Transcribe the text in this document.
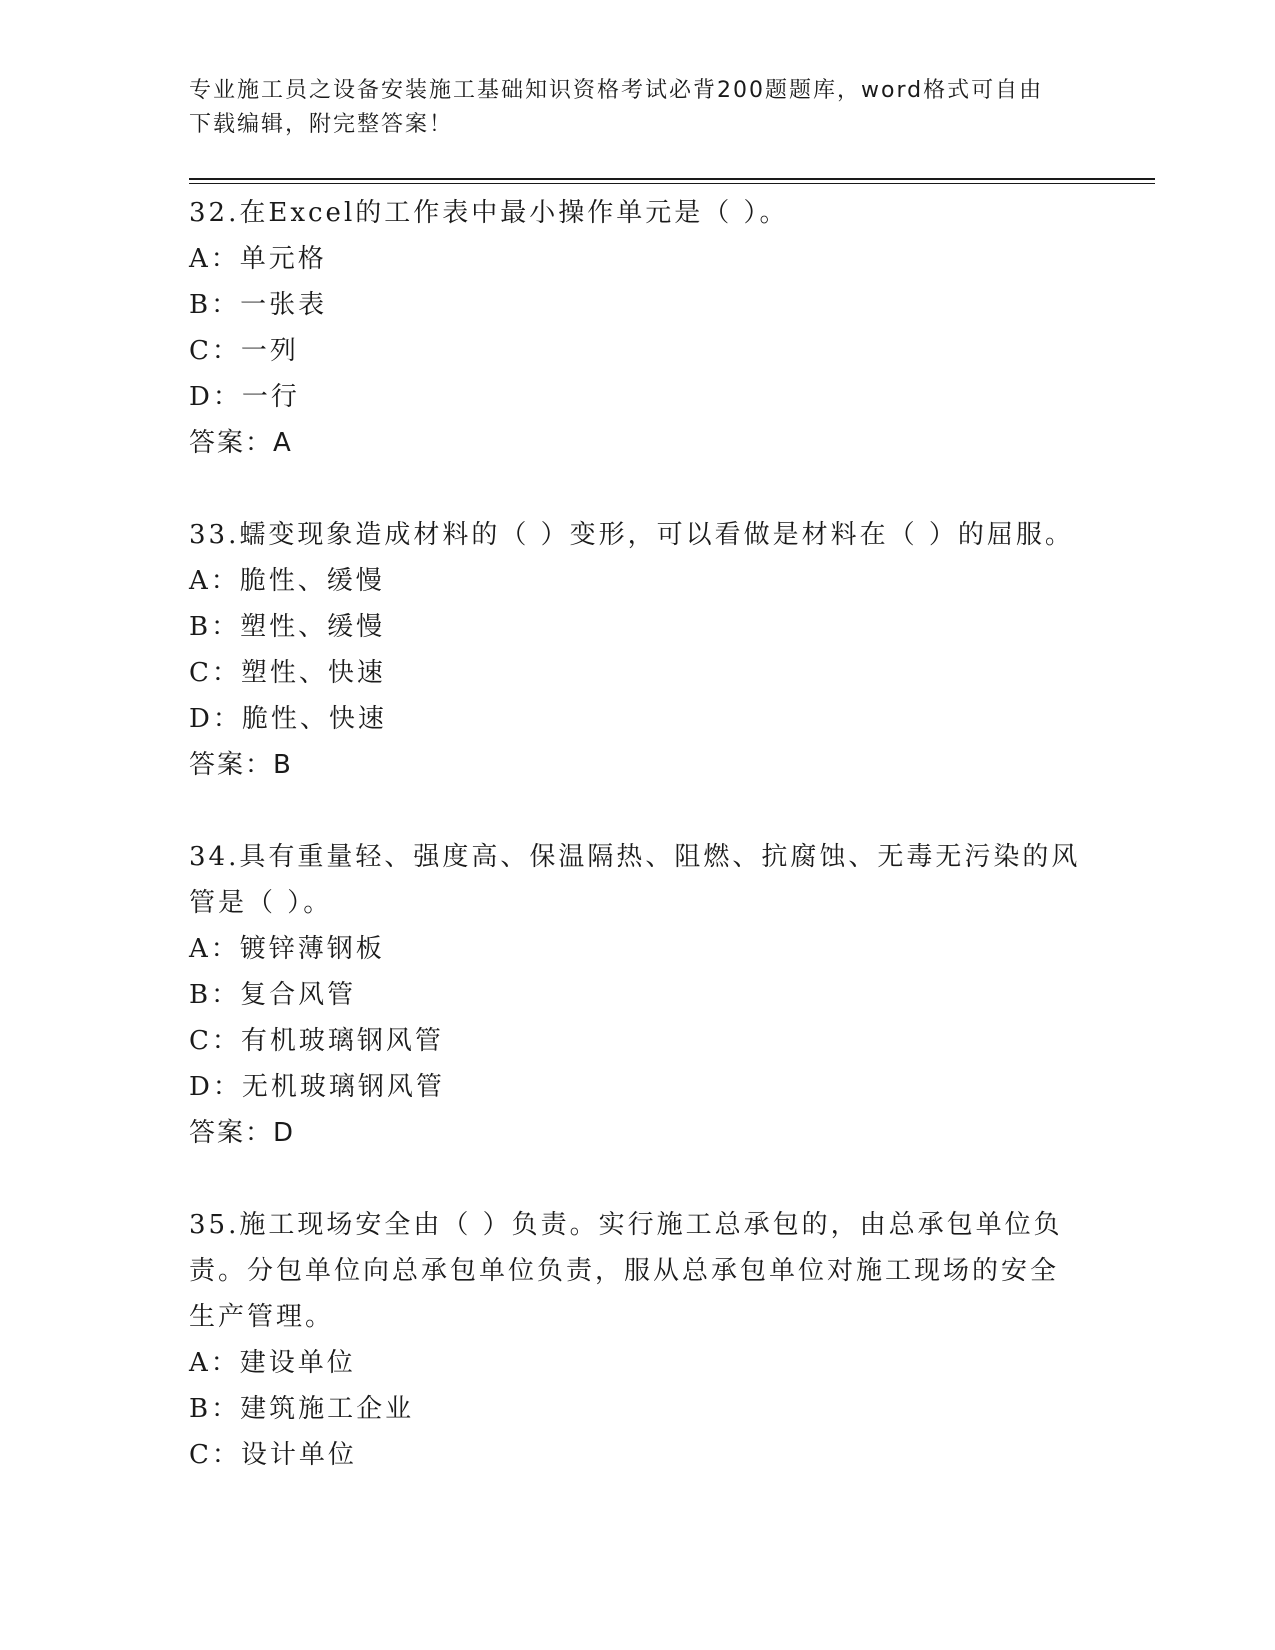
专业施工员之设备安装施工基础知识资格考试必背200题题库，word格式可自由
下载编辑，附完整答案！
32.在Excel的工作表中最小操作单元是（ ）。
A：单元格
B：一张表
C：一列
D：一行
答案：A
33.蠕变现象造成材料的（ ）变形，可以看做是材料在（ ）的屈服。
A：脆性、缓慢
B：塑性、缓慢
C：塑性、快速
D：脆性、快速
答案：B
34.具有重量轻、强度高、保温隔热、阻燃、抗腐蚀、无毒无污染的风
管是（ ）。
A：镀锌薄钢板
B：复合风管
C：有机玻璃钢风管
D：无机玻璃钢风管
答案：D
35.施工现场安全由（ ）负责。实行施工总承包的，由总承包单位负
责。分包单位向总承包单位负责，服从总承包单位对施工现场的安全
生产管理。
A：建设单位
B：建筑施工企业
C：设计单位
